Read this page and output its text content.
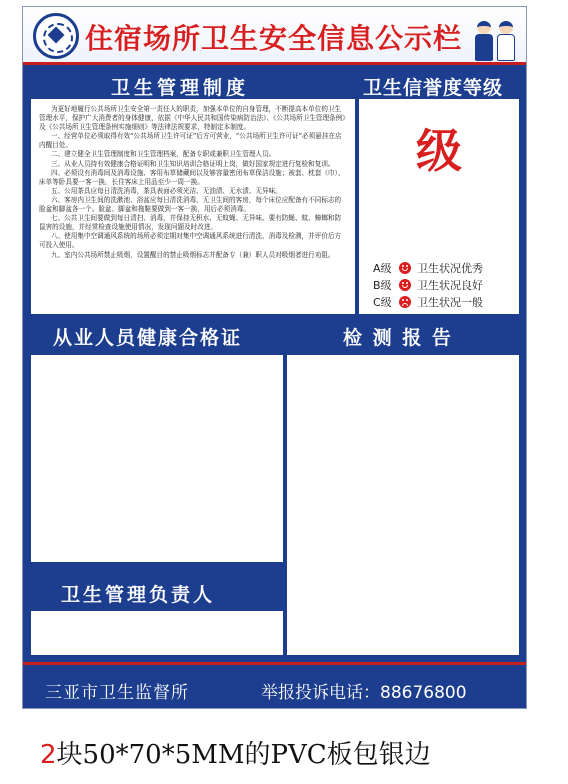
住宿场所卫生安全信息公示栏
卫生管理制度	卫生信誉度等级

为更好地履行公共场所卫生安全第一责任人的职责，加强本单位的自身管理，不断提高本单位的卫生管理水平，保护广大消费者的身体健康，依据《中华人民共和国传染病防治法》、《公共场所卫生管理条例》及《公共场所卫生管理条例实施细则》等法律法规要求，特制定本制度。

一、经营单位必须取得有效“公共场所卫生许可证”后方可营业，“公共场所卫生许可证”必须悬挂在店内醒目处。

二、建立健全卫生管理制度和卫生管理档案，配备专职或兼职卫生管理人员。

三、从业人员持有效健康合格证明和卫生知识培训合格证明上岗，做好国家规定进行复检和复训。

四、必须设有消毒间及消毒设施、客用布草储藏间以及够容量密闭布草保洁设施；被套、枕套（巾）、床单等卧具要一客一换，长住客床上用品至少一周一换。

五、公用茶具应每日清洗消毒，茶具表面必须光洁、无油渍、无水渍、无异味。

六、客房内卫生间的洗漱池、浴盆应每日清洗消毒，无卫生间的客房，每个床位应配备有不同标志的脸盆和脚盆各一个。脸盆、脚盆和拖鞋要做到一客一换，用后必须消毒。

七、公共卫生间要做到每日清扫、消毒，并保持无积水、无蚊蝇、无异味。要有防蝇、蚊、蟑螂和防鼠害的设施，并经常检查设施使用情况，发现问题及时改进。

八、使用集中空调通风系统的场所必须定期对集中空调通风系统进行清洗、消毒及检测，并评价后方可投入使用。

九、室内公共场所禁止吸烟，设置醒目的禁止吸烟标志并配备专（兼）职人员对吸烟者进行劝阻。

级
A级	卫生状况优秀
B级	卫生状况良好
C级	卫生状况一般
从业人员健康合格证	检 测 报 告
卫生管理负责人
三亚市卫生监督所	举报投诉电话：88676800
2块50*70*5MM的PVC板包银边
